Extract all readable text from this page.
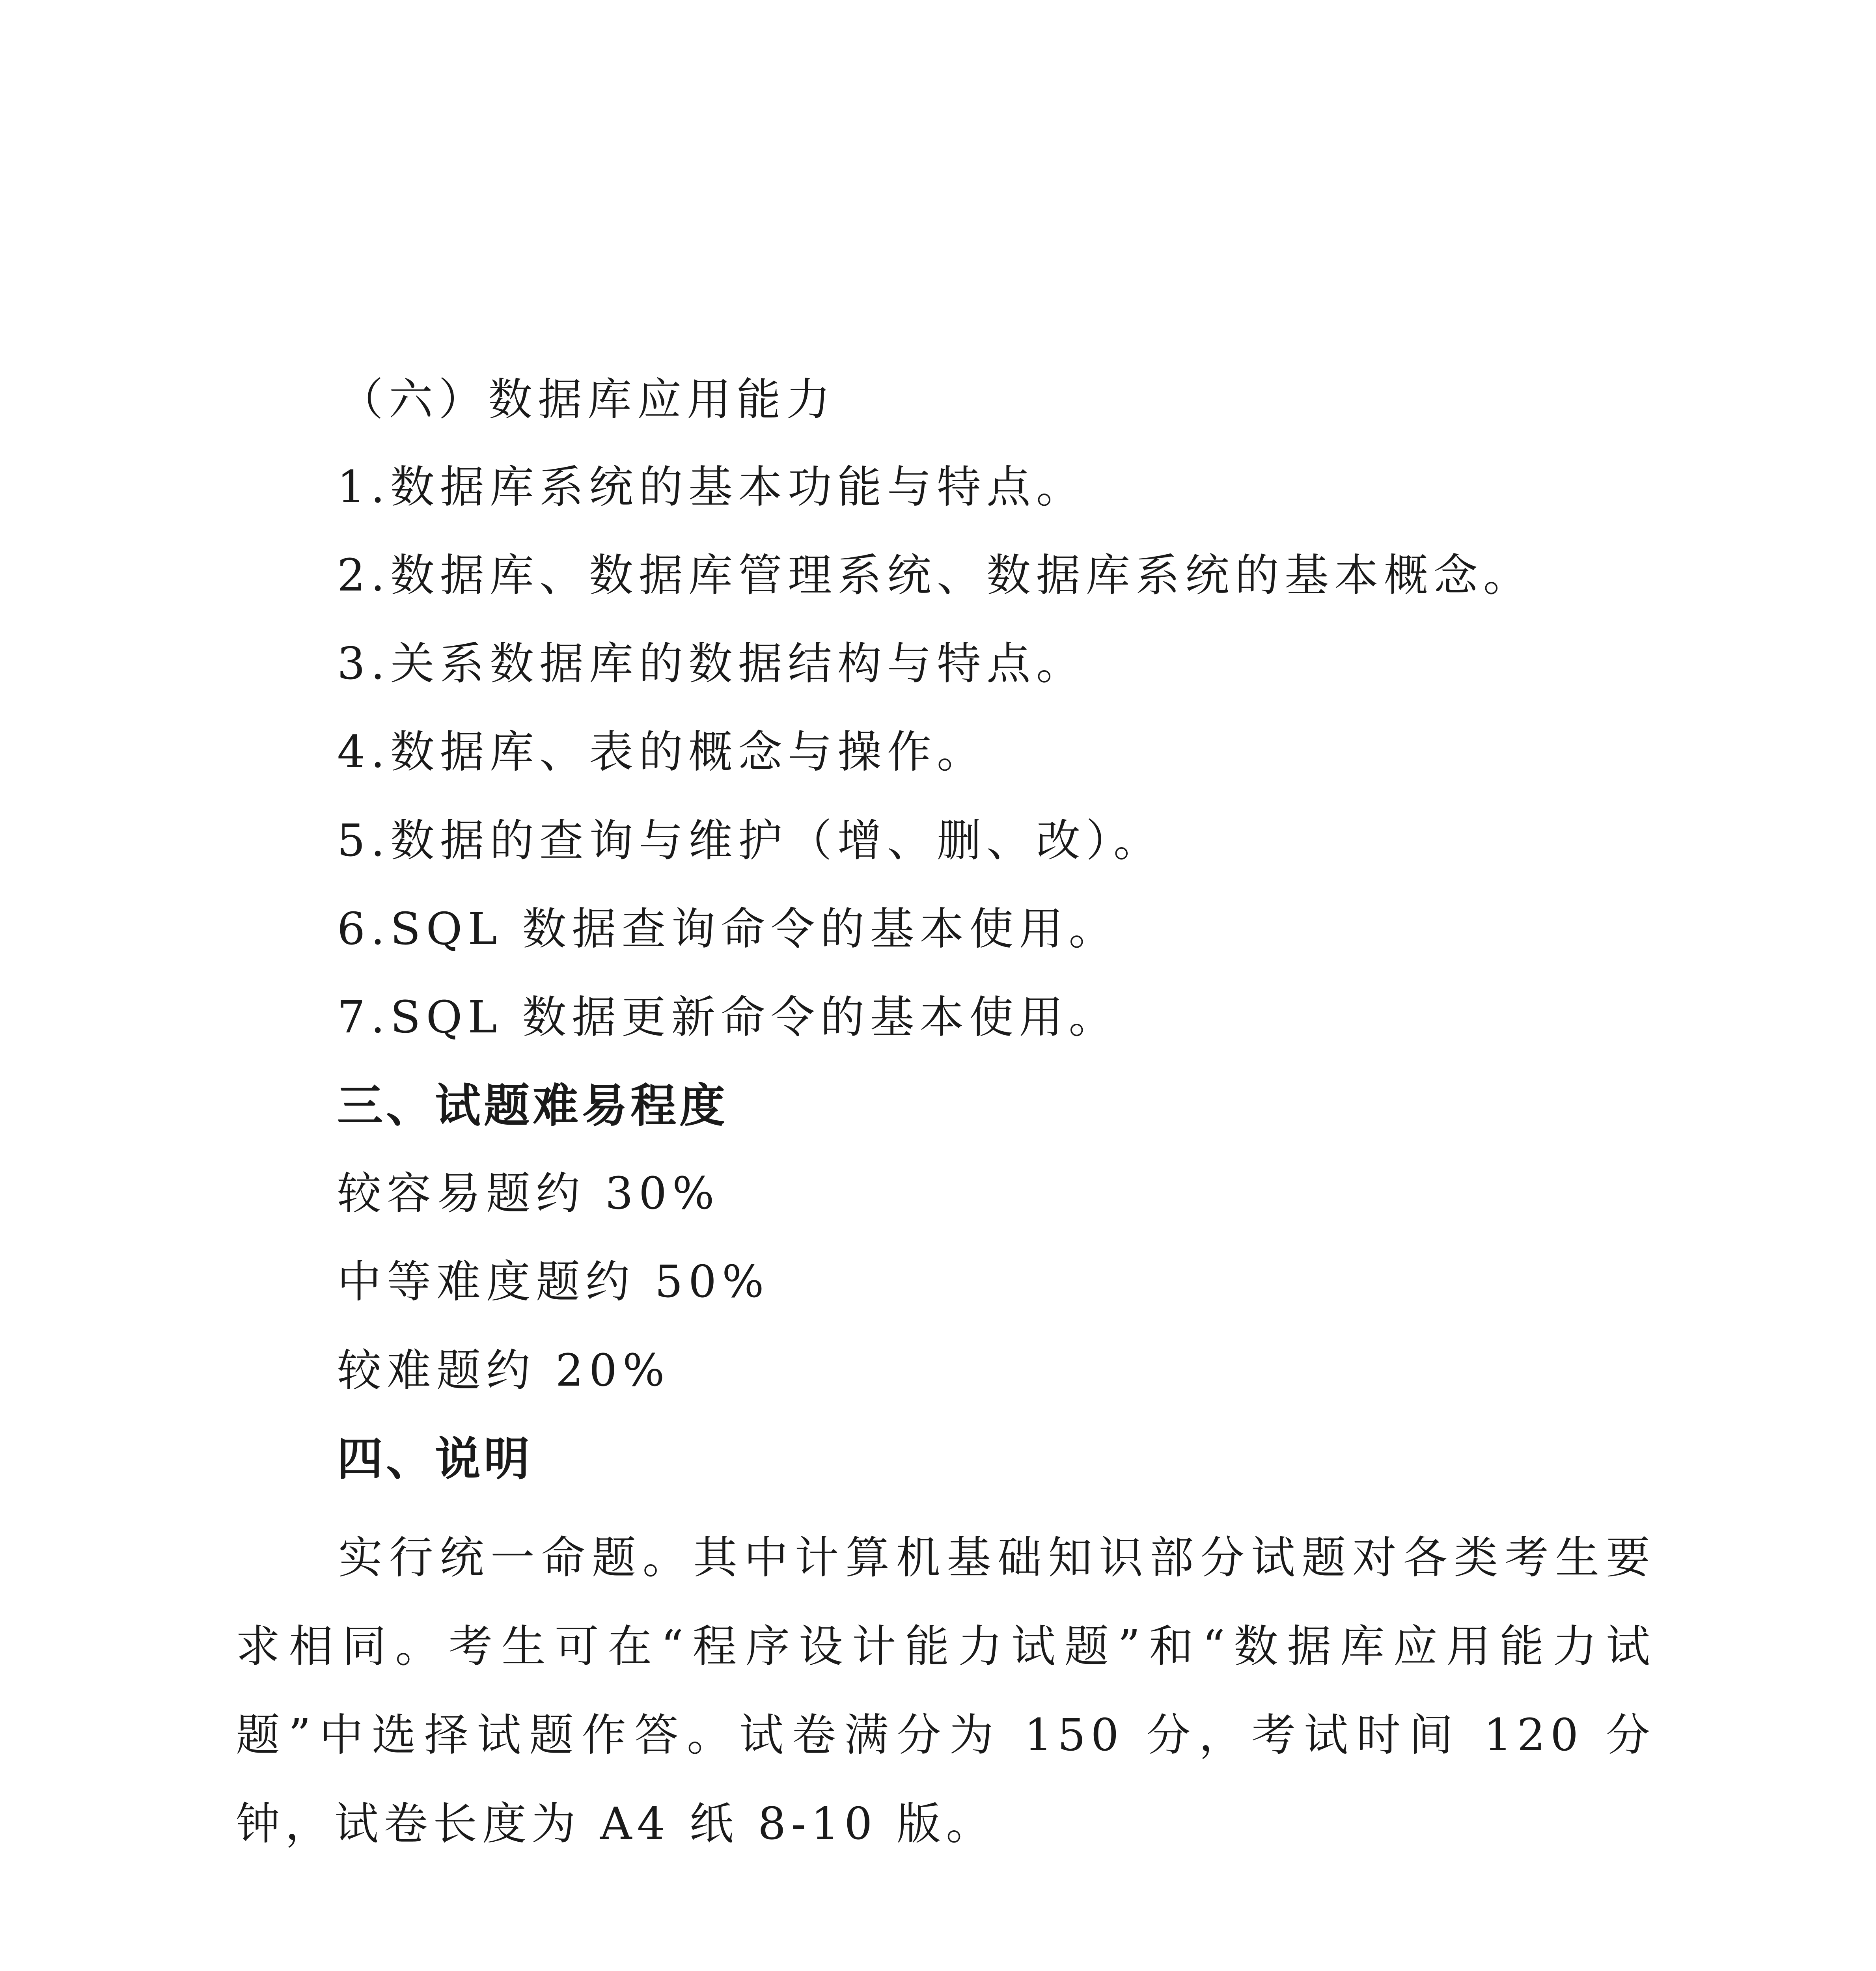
（六）数据库应用能力
1.数据库系统的基本功能与特点。
2.数据库、数据库管理系统、数据库系统的基本概念。
3.关系数据库的数据结构与特点。
4.数据库、表的概念与操作。
5.数据的查询与维护（增、删、改）。
6.SQL 数据查询命令的基本使用。
7.SQL 数据更新命令的基本使用。
三、试题难易程度
较容易题约 30%
中等难度题约 50%
较难题约 20%
四、说明
实行统一命题。其中计算机基础知识部分试题对各类考生要求相同。考生可在“程序设计能力试题”和“数据库应用能力试题”中选择试题作答。试卷满分为 150 分，考试时间 120 分钟，试卷长度为 A4 纸 8-10 版。
